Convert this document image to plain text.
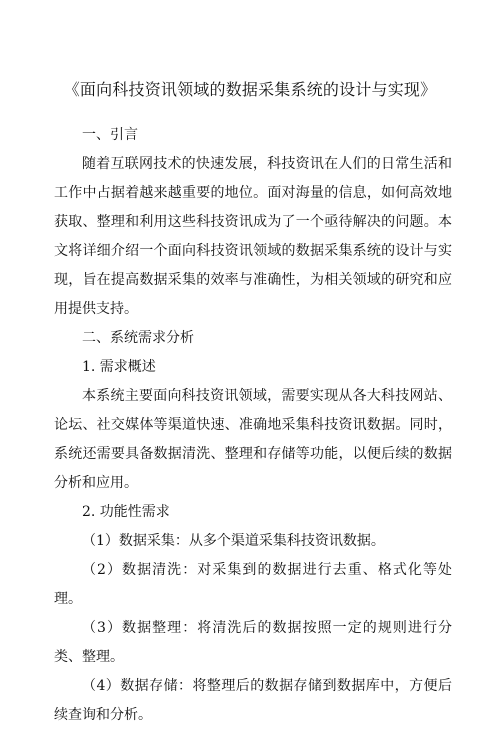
《面向科技资讯领域的数据采集系统的设计与实现》

一、引言

随着互联网技术的快速发展，科技资讯在人们的日常生活和工作中占据着越来越重要的地位。面对海量的信息，如何高效地获取、整理和利用这些科技资讯成为了一个亟待解决的问题。本文将详细介绍一个面向科技资讯领域的数据采集系统的设计与实现，旨在提高数据采集的效率与准确性，为相关领域的研究和应用提供支持。

二、系统需求分析

1. 需求概述

本系统主要面向科技资讯领域，需要实现从各大科技网站、论坛、社交媒体等渠道快速、准确地采集科技资讯数据。同时，系统还需要具备数据清洗、整理和存储等功能，以便后续的数据分析和应用。

2. 功能性需求

（1）数据采集：从多个渠道采集科技资讯数据。

（2）数据清洗：对采集到的数据进行去重、格式化等处理。

（3）数据整理：将清洗后的数据按照一定的规则进行分类、整理。

（4）数据存储：将整理后的数据存储到数据库中，方便后续查询和分析。
